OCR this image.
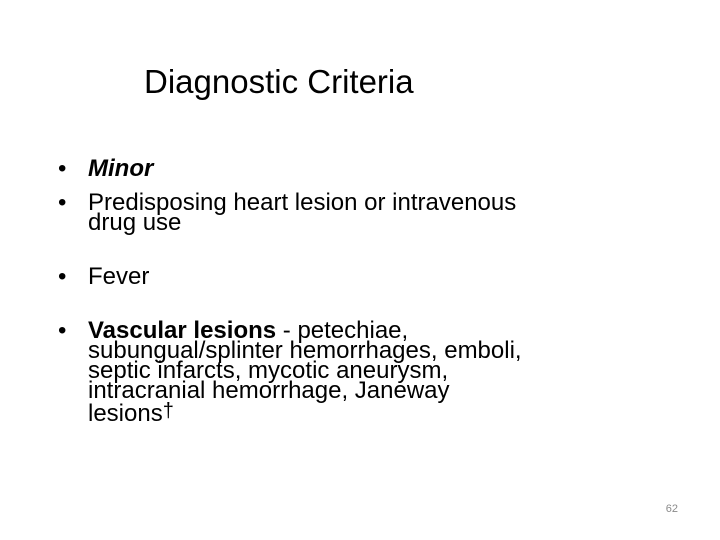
Diagnostic Criteria
• Minor
• Predisposing heart lesion or intravenous
drug use
• Fever
• Vascular lesions - petechiae,
subungual/splinter hemorrhages, emboli,
septic infarcts, mycotic aneurysm,
intracranial hemorrhage, Janeway
lesions†
62
